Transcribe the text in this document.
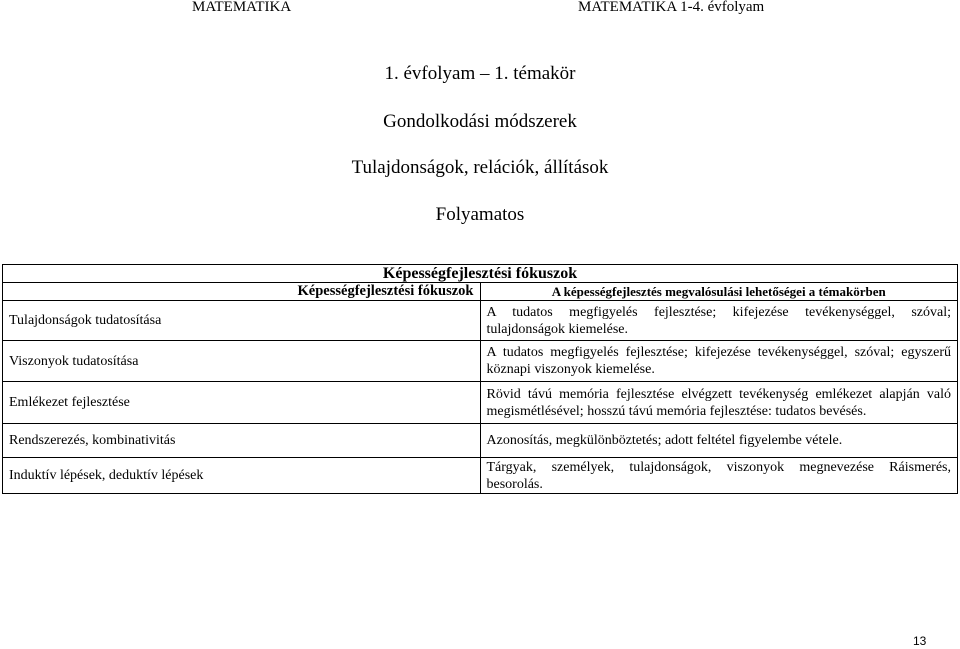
MATEMATIKA	MATEMATIKA 1-4. évfolyam
1. évfolyam – 1. témakör
Gondolkodási módszerek
Tulajdonságok, relációk, állítások
Folyamatos
Képességfejlesztési fókuszok	
Képességfejlesztési fókuszok	A képességfejlesztés megvalósulási lehetőségei a témakörben
Tulajdonságok tudatosítása	A tudatos megfigyelés fejlesztése; kifejezése tevékenységgel, szóval; tulajdonságok kiemelése.
Viszonyok tudatosítása	A tudatos megfigyelés fejlesztése; kifejezése tevékenységgel, szóval; egyszerű köznapi viszonyok kiemelése.
Emlékezet fejlesztése	Rövid távú memória fejlesztése elvégzett tevékenység emlékezet alapján való megismétlésével; hosszú távú memória fejlesztése: tudatos bevésés.
Rendszerezés, kombinativitás	Azonosítás, megkülönböztetés; adott feltétel figyelembe vétele.
Induktív lépések, deduktív lépések	Tárgyak, személyek, tulajdonságok, viszonyok megnevezése Ráismerés, besorolás.
13
